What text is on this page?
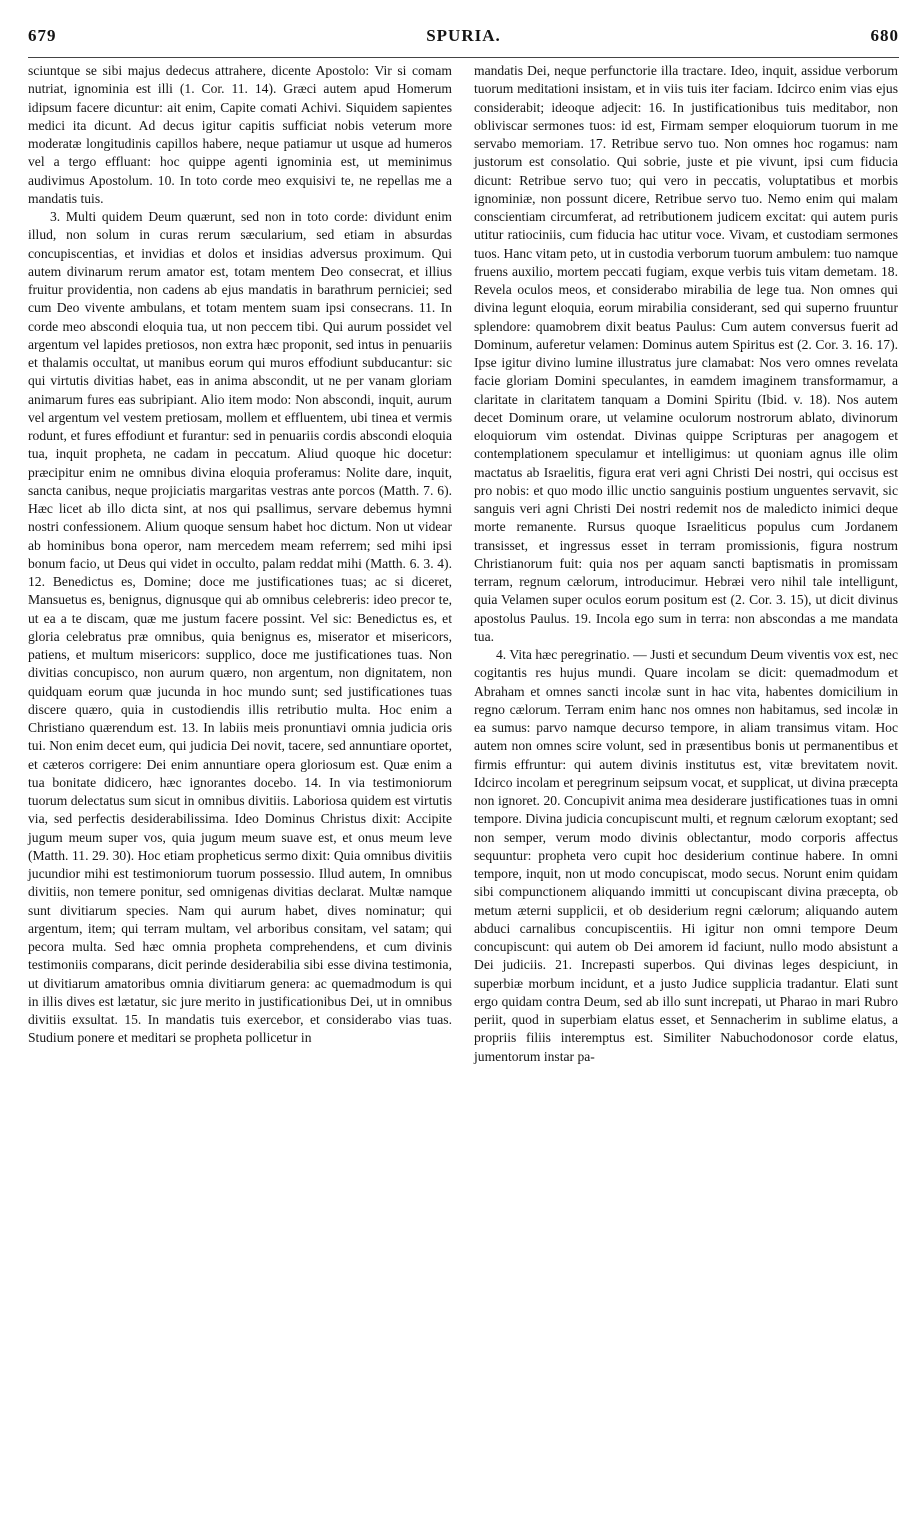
679	SPURIA.	680

sciuntque se sibi majus dedecus attrahere, dicente Apostolo: Vir si comam nutriat, ignominia est illi (1. Cor. 11. 14). Græci autem apud Homerum idipsum facere dicuntur: ait enim, Capite comati Achivi. Siquidem sapientes medici ita dicunt. Ad decus igitur capitis sufficiat nobis veterum more moderatæ longitudinis capillos habere, neque patiamur ut usque ad humeros vel a tergo effluant: hoc quippe agenti ignominia est, ut meminimus audivimus Apostolum. 10. In toto corde meo exquisivi te, ne repellas me a mandatis tuis.

3. Multi quidem Deum quærunt, sed non in toto corde: dividunt enim illud, non solum in curas rerum sæcularium, sed etiam in absurdas concupiscentias, et invidias et dolos et insidias adversus proximum. Qui autem divinarum rerum amator est, totam mentem Deo consecrat, et illius fruitur providentia, non cadens ab ejus mandatis in barathrum perniciei; sed cum Deo vivente ambulans, et totam mentem suam ipsi consecrans. 11. In corde meo abscondi eloquia tua, ut non peccem tibi. Qui aurum possidet vel argentum vel lapides pretiosos, non extra hæc proponit, sed intus in penuariis et thalamis occultat, ut manibus eorum qui muros effodiunt subducantur: sic qui virtutis divitias habet, eas in anima abscondit, ut ne per vanam gloriam animarum fures eas subripiant. Alio item modo: Non abscondi, inquit, aurum vel argentum vel vestem pretiosam, mollem et effluentem, ubi tinea et vermis rodunt, et fures effodiunt et furantur: sed in penuariis cordis abscondi eloquia tua, inquit propheta, ne cadam in peccatum. Aliud quoque hic docetur: præcipitur enim ne omnibus divina eloquia proferamus: Nolite dare, inquit, sancta canibus, neque projiciatis margaritas vestras ante porcos (Matth. 7. 6). Hæc licet ab illo dicta sint, at nos qui psallimus, servare debemus hymni nostri confessionem. Alium quoque sensum habet hoc dictum. Non ut videar ab hominibus bona operor, nam mercedem meam referrem; sed mihi ipsi bonum facio, ut Deus qui videt in occulto, palam reddat mihi (Matth. 6. 3. 4). 12. Benedictus es, Domine; doce me justificationes tuas; ac si diceret, Mansuetus es, benignus, dignusque qui ab omnibus celebreris: ideo precor te, ut ea a te discam, quæ me justum facere possint. Vel sic: Benedictus es, et gloria celebratus præ omnibus, quia benignus es, miserator et misericors, patiens, et multum misericors: supplico, doce me justificationes tuas. Non divitias concupisco, non aurum quæro, non argentum, non dignitatem, non quidquam eorum quæ jucunda in hoc mundo sunt; sed justificationes tuas discere quæro, quia in custodiendis illis retributio multa. Hoc enim a Christiano quærendum est. 13. In labiis meis pronuntiavi omnia judicia oris tui. Non enim decet eum, qui judicia Dei novit, tacere, sed annuntiare oportet, et cæteros corrigere: Dei enim annuntiare opera gloriosum est. Quæ enim a tua bonitate didicero, hæc ignorantes docebo. 14. In via testimoniorum tuorum delectatus sum sicut in omnibus divitiis. Laboriosa quidem est virtutis via, sed perfectis desiderabilissima. Ideo Dominus Christus dixit: Accipite jugum meum super vos, quia jugum meum suave est, et onus meum leve (Matth. 11. 29. 30). Hoc etiam propheticus sermo dixit: Quia omnibus divitiis jucundior mihi est testimoniorum tuorum possessio. Illud autem, In omnibus divitiis, non temere ponitur, sed omnigenas divitias declarat. Multæ namque sunt divitiarum species. Nam qui aurum habet, dives nominatur; qui argentum, item; qui terram multam, vel arboribus consitam, vel satam; qui pecora multa. Sed hæc omnia propheta comprehendens, et cum divinis testimoniis comparans, dicit perinde desiderabilia sibi esse divina testimonia, ut divitiarum amatoribus omnia divitiarum genera: ac quemadmodum is qui in illis dives est lætatur, sic jure merito in justificationibus Dei, ut in omnibus divitiis exsultat. 15. In mandatis tuis exercebor, et considerabo vias tuas. Studium ponere et meditari se propheta pollicetur in

mandatis Dei, neque perfunctorie illa tractare. Ideo, inquit, assidue verborum tuorum meditationi insistam, et in viis tuis iter faciam. Idcirco enim vias ejus considerabit; ideoque adjecit: 16. In justificationibus tuis meditabor, non obliviscar sermones tuos: id est, Firmam semper eloquiorum tuorum in me servabo memoriam. 17. Retribue servo tuo. Non omnes hoc rogamus: nam justorum est consolatio. Qui sobrie, juste et pie vivunt, ipsi cum fiducia dicunt: Retribue servo tuo; qui vero in peccatis, voluptatibus et morbis ignominiæ, non possunt dicere, Retribue servo tuo. Nemo enim qui malam conscientiam circumferat, ad retributionem judicem excitat: qui autem puris utitur ratiociniis, cum fiducia hac utitur voce. Vivam, et custodiam sermones tuos. Hanc vitam peto, ut in custodia verborum tuorum ambulem: tuo namque fruens auxilio, mortem peccati fugiam, exque verbis tuis vitam demetam. 18. Revela oculos meos, et considerabo mirabilia de lege tua. Non omnes qui divina legunt eloquia, eorum mirabilia considerant, sed qui superno fruuntur splendore: quamobrem dixit beatus Paulus: Cum autem conversus fuerit ad Dominum, auferetur velamen: Dominus autem Spiritus est (2. Cor. 3. 16. 17). Ipse igitur divino lumine illustratus jure clamabat: Nos vero omnes revelata facie gloriam Domini speculantes, in eamdem imaginem transformamur, a claritate in claritatem tanquam a Domini Spiritu (Ibid. v. 18). Nos autem decet Dominum orare, ut velamine oculorum nostrorum ablato, divinorum eloquiorum vim ostendat. Divinas quippe Scripturas per anagogem et contemplationem speculamur et intelligimus: ut quoniam agnus ille olim mactatus ab Israelitis, figura erat veri agni Christi Dei nostri, qui occisus est pro nobis: et quo modo illic unctio sanguinis postium unguentes servavit, sic sanguis veri agni Christi Dei nostri redemit nos de maledicto inimici deque morte remanente. Rursus quoque Israeliticus populus cum Jordanem transisset, et ingressus esset in terram promissionis, figura nostrum Christianorum fuit: quia nos per aquam sancti baptismatis in promissam terram, regnum cælorum, introducimur. Hebræi vero nihil tale intelligunt, quia Velamen super oculos eorum positum est (2. Cor. 3. 15), ut dicit divinus apostolus Paulus. 19. Incola ego sum in terra: non abscondas a me mandata tua.

4. Vita hæc peregrinatio. — Justi et secundum Deum viventis vox est, nec cogitantis res hujus mundi. Quare incolam se dicit: quemadmodum et Abraham et omnes sancti incolæ sunt in hac vita, habentes domicilium in regno cælorum. Terram enim hanc nos omnes non habitamus, sed incolæ in ea sumus: parvo namque decurso tempore, in aliam transimus vitam. Hoc autem non omnes scire volunt, sed in præsentibus bonis ut permanentibus et firmis effruntur: qui autem divinis institutus est, vitæ brevitatem novit. Idcirco incolam et peregrinum seipsum vocat, et supplicat, ut divina præcepta non ignoret. 20. Concupivit anima mea desiderare justificationes tuas in omni tempore. Divina judicia concupiscunt multi, et regnum cælorum exoptant; sed non semper, verum modo divinis oblectantur, modo corporis affectus sequuntur: propheta vero cupit hoc desiderium continue habere. In omni tempore, inquit, non ut modo concupiscat, modo secus. Norunt enim quidam sibi compunctionem aliquando immitti ut concupiscant divina præcepta, ob metum æterni supplicii, et ob desiderium regni cælorum; aliquando autem abduci carnalibus concupiscentiis. Hi igitur non omni tempore Deum concupiscunt: qui autem ob Dei amorem id faciunt, nullo modo absistunt a Dei judiciis. 21. Increpasti superbos. Qui divinas leges despiciunt, in superbiæ morbum incidunt, et a justo Judice supplicia tradantur. Elati sunt ergo quidam contra Deum, sed ab illo sunt increpati, ut Pharao in mari Rubro periit, quod in superbiam elatus esset, et Sennacherim in sublime elatus, a propriis filiis interemptus est. Similiter Nabuchodonosor corde elatus, jumentorum instar pa-
